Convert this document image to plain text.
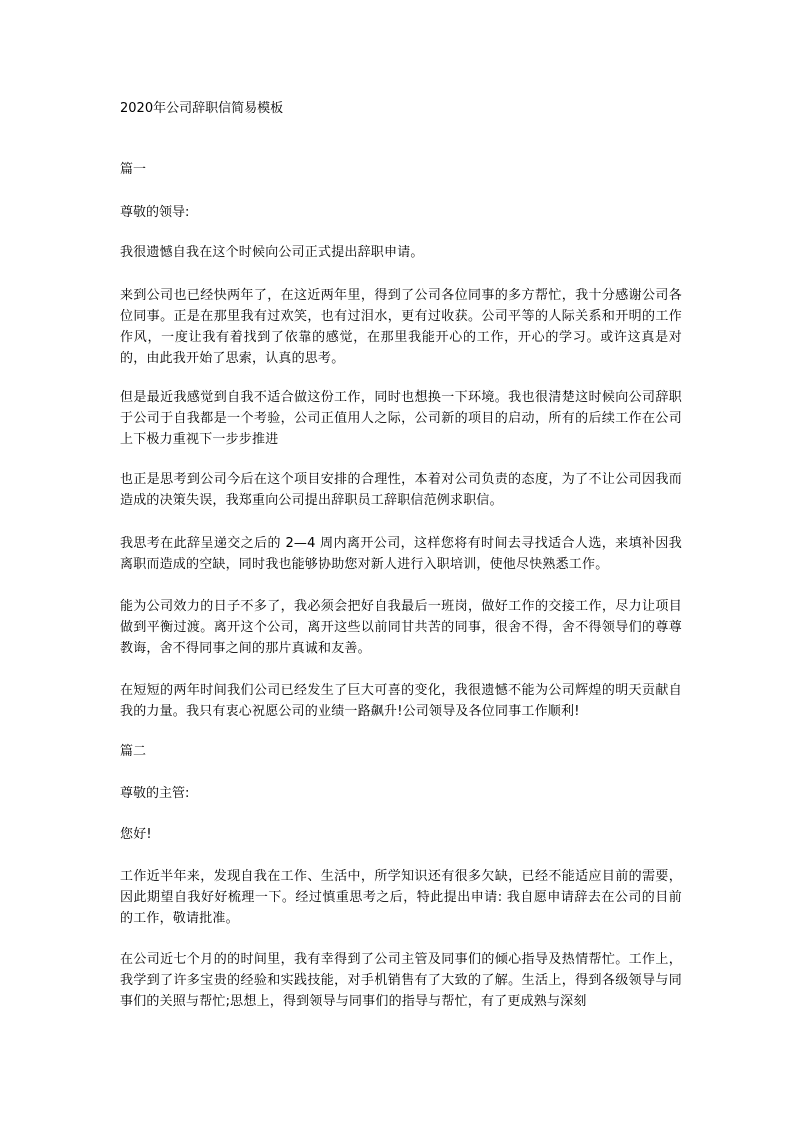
2020年公司辞职信简易模板
篇一
尊敬的领导:
我很遗憾自我在这个时候向公司正式提出辞职申请。
来到公司也已经快两年了，在这近两年里，得到了公司各位同事的多方帮忙，我十分感谢公司各位同事。正是在那里我有过欢笑，也有过泪水，更有过收获。公司平等的人际关系和开明的工作作风，一度让我有着找到了依靠的感觉，在那里我能开心的工作，开心的学习。或许这真是对的，由此我开始了思索，认真的思考。
但是最近我感觉到自我不适合做这份工作，同时也想换一下环境。我也很清楚这时候向公司辞职于公司于自我都是一个考验，公司正值用人之际，公司新的项目的启动，所有的后续工作在公司上下极力重视下一步步推进
也正是思考到公司今后在这个项目安排的合理性，本着对公司负责的态度，为了不让公司因我而造成的决策失误，我郑重向公司提出辞职员工辞职信范例求职信。
我思考在此辞呈递交之后的 2—4 周内离开公司，这样您将有时间去寻找适合人选，来填补因我离职而造成的空缺，同时我也能够协助您对新人进行入职培训，使他尽快熟悉工作。
能为公司效力的日子不多了，我必须会把好自我最后一班岗，做好工作的交接工作，尽力让项目做到平衡过渡。离开这个公司，离开这些以前同甘共苦的同事，很舍不得，舍不得领导们的尊尊教诲，舍不得同事之间的那片真诚和友善。
在短短的两年时间我们公司已经发生了巨大可喜的变化，我很遗憾不能为公司辉煌的明天贡献自我的力量。我只有衷心祝愿公司的业绩一路飙升!公司领导及各位同事工作顺利!
篇二
尊敬的主管:
您好!
工作近半年来，发现自我在工作、生活中，所学知识还有很多欠缺，已经不能适应目前的需要，因此期望自我好好梳理一下。经过慎重思考之后，特此提出申请: 我自愿申请辞去在公司的目前的工作，敬请批准。
在公司近七个月的的时间里，我有幸得到了公司主管及同事们的倾心指导及热情帮忙。工作上，我学到了许多宝贵的经验和实践技能，对手机销售有了大致的了解。生活上，得到各级领导与同事们的关照与帮忙;思想上，得到领导与同事们的指导与帮忙，有了更成熟与深刻
